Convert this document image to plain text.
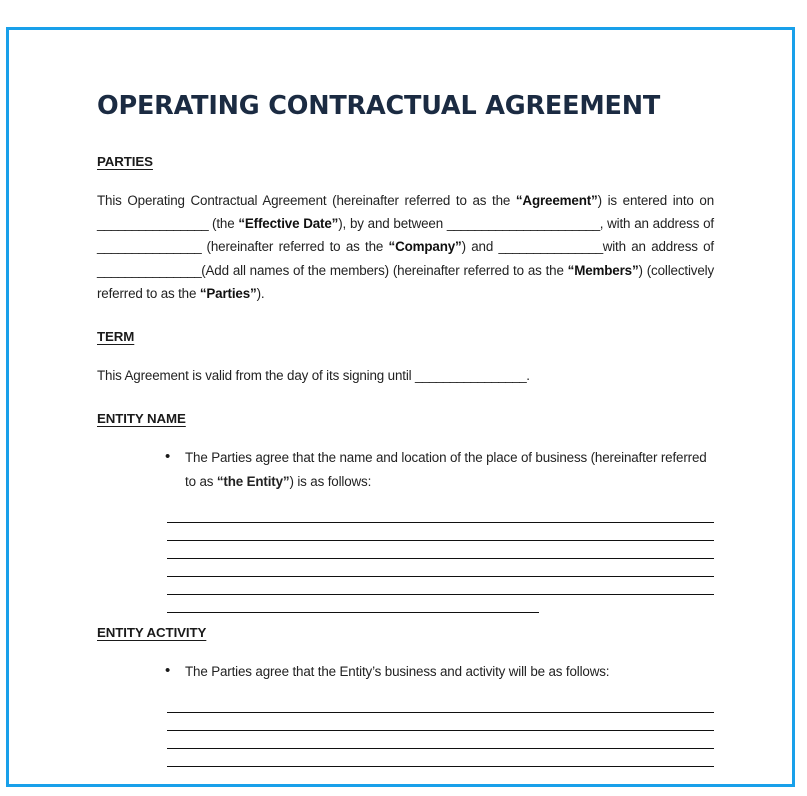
OPERATING CONTRACTUAL AGREEMENT
PARTIES

This Operating Contractual Agreement (hereinafter referred to as the “Agreement”) is entered into on ________________ (the “Effective Date”), by and between ______________________, with an address of _______________ (hereinafter referred to as the “Company”) and _______________with an address of _______________(Add all names of the members) (hereinafter referred to as the “Members”) (collectively referred to as the “Parties”).

TERM

This Agreement is valid from the day of its signing until ________________.

ENTITY NAME
• The Parties agree that the name and location of the place of business (hereinafter referred to as “the Entity”) is as follows:
ENTITY ACTIVITY
• The Parties agree that the Entity’s business and activity will be as follows:
